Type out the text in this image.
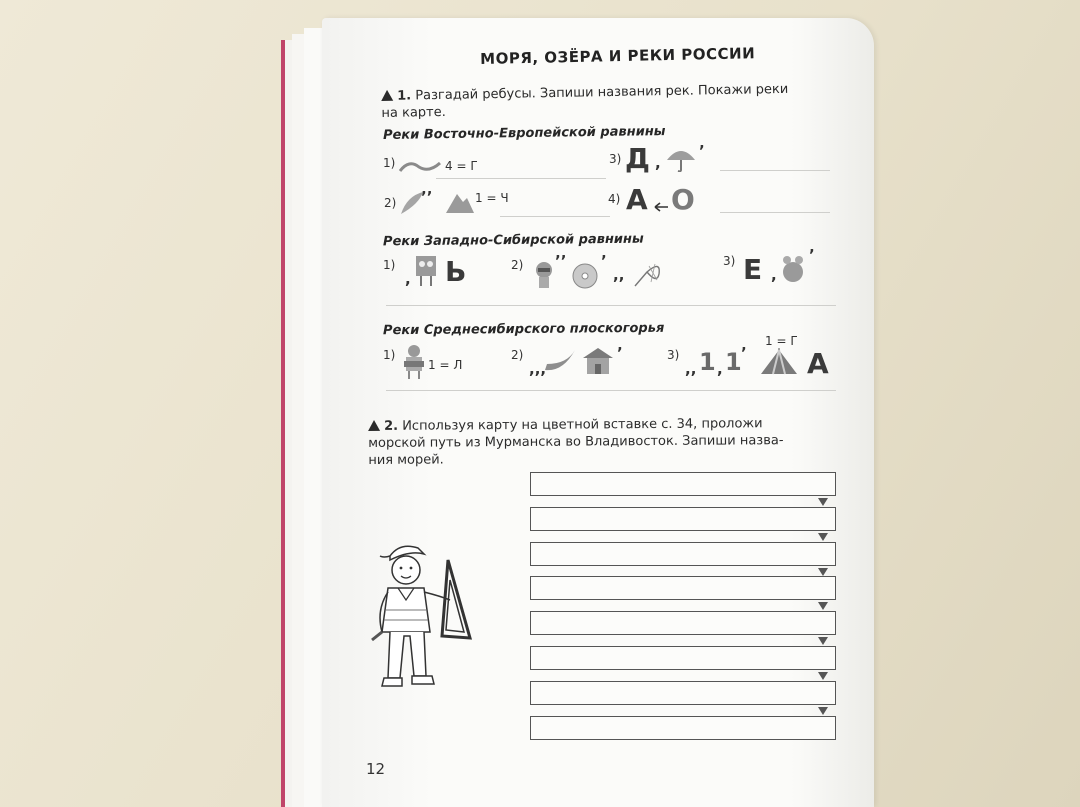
МОРЯ, ОЗЁРА И РЕКИ РОССИИ
1. Разгадай ребусы. Запиши названия рек. Покажи реки
на карте.
Реки Восточно-Европейской равнины
1)	4 = Г
2) ’’	1 = Ч
3) Д ,
’
4) А О
Реки Западно-Сибирской равнины
1)
, Ь	2) ’’ ’
,,
3) Е ,
’
Реки Среднесибирского плоскогорья
1)
1 = Л
2)
,,,
’	3)
,, 1 , 1 ’
1 = Г
А
2. Используя карту на цветной вставке с. 34, проложи
морской путь из Мурманска во Владивосток. Запиши назва-
ния морей.
12
